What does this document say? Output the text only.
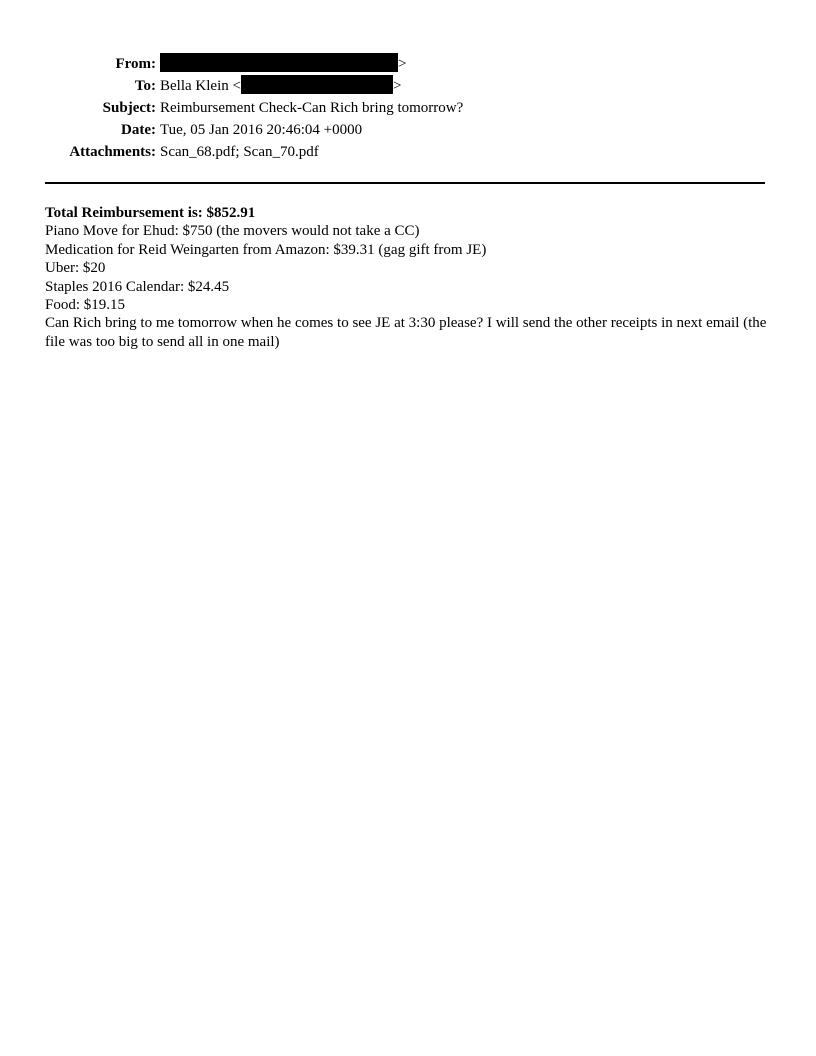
From:	>
To: Bella Klein <	>
Subject: Reimbursement Check-Can Rich bring tomorrow?
Date: Tue, 05 Jan 2016 20:46:04 +0000
Attachments: Scan_68.pdf; Scan_70.pdf

Total Reimbursement is: $852.91

Piano Move for Ehud: $750 (the movers would not take a CC)

Medication for Reid Weingarten from Amazon: $39.31 (gag gift from JE)

Uber: $20

Staples 2016 Calendar: $24.45

Food: $19.15

Can Rich bring to me tomorrow when he comes to see JE at 3:30 please? I will send the other receipts in next email (the file was too big to send all in one mail)
